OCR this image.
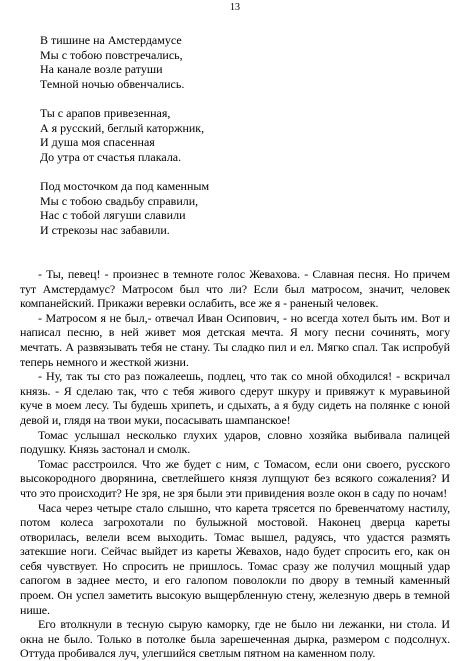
13
В тишине на Амстердамусе
Мы с тобою повстречались,
На канале возле ратуши
Темной ночью обвенчались.
Ты с арапов привезенная,
А я русский, беглый каторжник,
И душа моя спасенная
До утра от счастья плакала.
Под мосточком да под каменным
Мы с тобою свадьбу справили,
Нас с тобой лягуши славили
И стрекозы нас забавили.

- Ты, певец! - произнес в темноте голос Жевахова. - Славная песня. Но причем тут Амстердамус? Матросом был что ли? Если был матросом, значит, человек компанейский. Прикажи веревки ослабить, все же я - раненый человек.

- Матросом я не был,- отвечал Иван Осипович, - но всегда хотел быть им. Вот и написал песню, в ней живет моя детская мечта. Я могу песни сочинять, могу мечтать. А развязывать тебя не стану. Ты сладко пил и ел. Мягко спал. Так испробуй теперь немного и жесткой жизни.

- Ну, так ты сто раз пожалеешь, подлец, что так со мной обходился! - вскричал князь. - Я сделаю так, что с тебя живого сдерут шкуру и привяжут к муравьиной куче в моем лесу. Ты будешь хрипеть, и сдыхать, а я буду сидеть на полянке с юной девой и, глядя на твои муки, посасывать шампанское!

Томас услышал несколько глухих ударов, словно хозяйка выбивала палицей подушку. Князь застонал и смолк.

Томас расстроился. Что же будет с ним, с Томасом, если они своего, русского высокородного дворянина, светлейшего князя лупщуют без всякого сожаления? И что это происходит? Не зря, не зря были эти привидения возле окон в саду по ночам!

Часа через четыре стало слышно, что карета трясется по бревенчатому настилу, потом колеса загрохотали по булыжной мостовой. Наконец дверца кареты отворилась, велели всем выходить. Томас вышел, радуясь, что удастся размять затекшие ноги. Сейчас выйдет из кареты Жевахов, надо будет спросить его, как он себя чувствует. Но спросить не пришлось. Томас сразу же получил мощный удар сапогом в заднее место, и его галопом поволокли по двору в темный каменный проем. Он успел заметить высокую выщербленную стену, железную дверь в темной нише.

Его втолкнули в тесную сырую каморку, где не было ни лежанки, ни стола. И окна не было. Только в потолке была зарешеченная дырка, размером с подсолнух. Оттуда пробивался луч, улегшийся светлым пятном на каменном полу.
